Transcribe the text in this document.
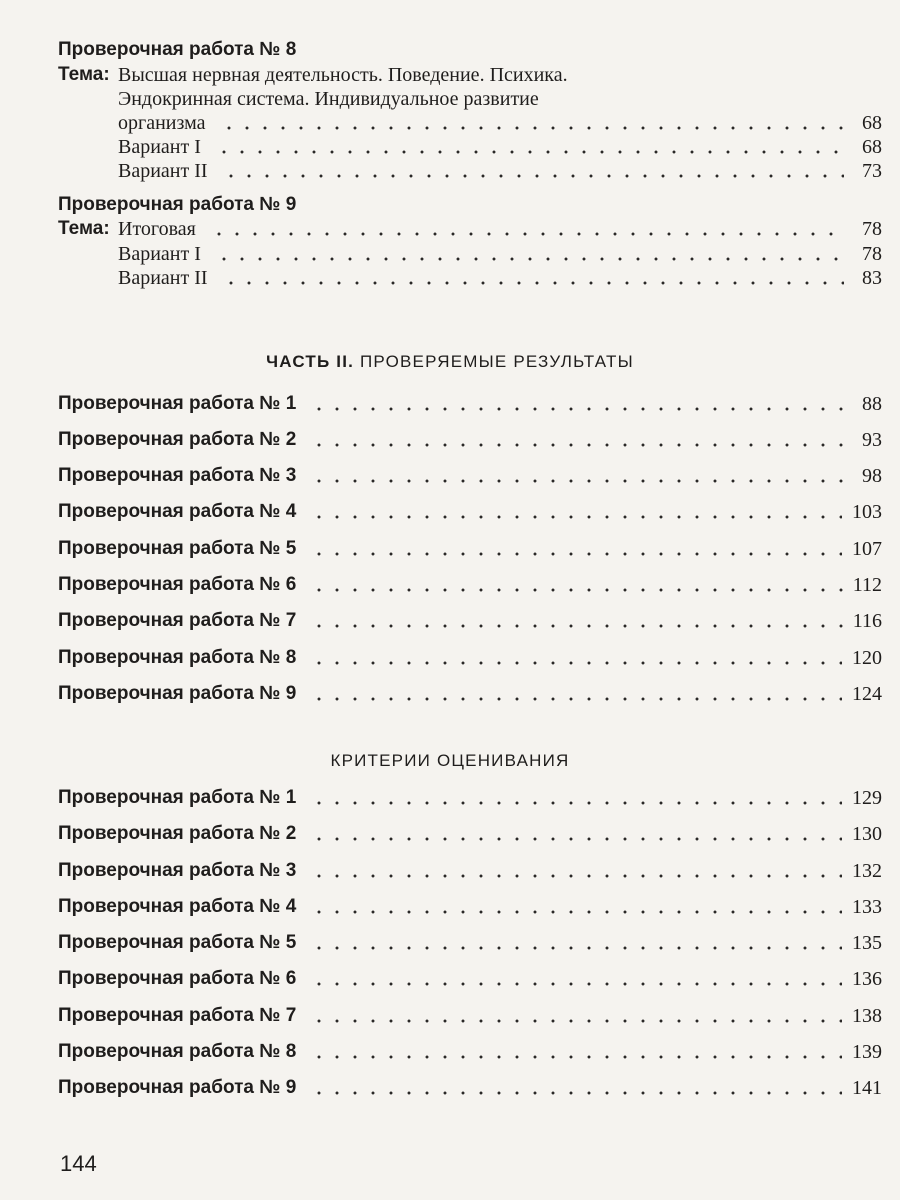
Проверочная работа № 8
Тема: Высшая нервная деятельность. Поведение. Психика.
Эндокринная система. Индивидуальное развитие
организма	68
Вариант I	68
Вариант II	73
Проверочная работа № 9
Тема: Итоговая	78
Вариант I	78
Вариант II	83
ЧАСТЬ II. ПРОВЕРЯЕМЫЕ РЕЗУЛЬТАТЫ
Проверочная работа № 1	88
Проверочная работа № 2	93
Проверочная работа № 3	98
Проверочная работа № 4	103
Проверочная работа № 5	107
Проверочная работа № 6	112
Проверочная работа № 7	116
Проверочная работа № 8	120
Проверочная работа № 9	124
КРИТЕРИИ ОЦЕНИВАНИЯ
Проверочная работа № 1	129
Проверочная работа № 2	130
Проверочная работа № 3	132
Проверочная работа № 4	133
Проверочная работа № 5	135
Проверочная работа № 6	136
Проверочная работа № 7	138
Проверочная работа № 8	139
Проверочная работа № 9	141
144
